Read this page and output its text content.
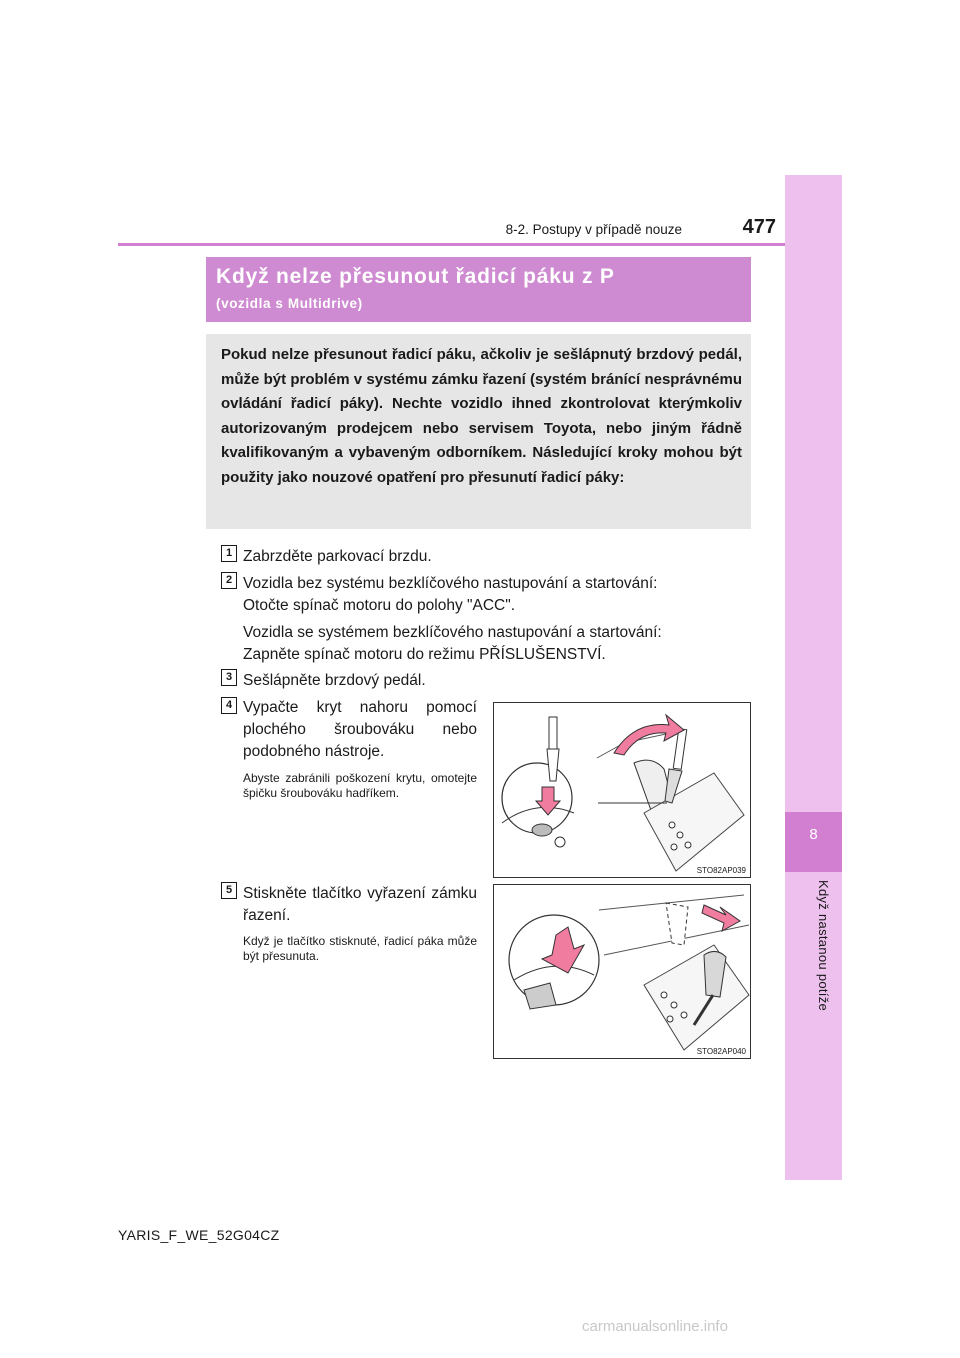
8
Když nastanou potíže
8-2. Postupy v případě nouze	477
Když nelze přesunout řadicí páku z P
(vozidla s Multidrive)
Pokud nelze přesunout řadicí páku, ačkoliv je sešlápnutý brzdový pedál, může být problém v systému zámku řazení (systém bránící nesprávnému ovládání řadicí páky). Nechte vozidlo ihned zkontrolovat kterýmkoliv autorizovaným prodejcem nebo servisem Toyota, nebo jiným řádně kvalifikovaným a vybaveným odborníkem. Následující kroky mohou být použity jako nouzové opatření pro přesunutí řadicí páky:
1 Zabrzděte parkovací brzdu.
2 Vozidla bez systému bezklíčového nastupování a startování:
Otočte spínač motoru do polohy "ACC".
Vozidla se systémem bezklíčového nastupování a startování:
Zapněte spínač motoru do režimu PŘÍSLUŠENSTVÍ.
3 Sešlápněte brzdový pedál.
4 Vypačte kryt nahoru pomocí plochého šroubováku nebo podobného nástroje.
Abyste zabránili poškození krytu, omotejte špičku šroubováku hadříkem.
STO82AP039
5 Stiskněte tlačítko vyřazení zámku řazení.
Když je tlačítko stisknuté, řadicí páka může být přesunuta.
STO82AP040
YARIS_F_WE_52G04CZ
carmanualsonline.info
